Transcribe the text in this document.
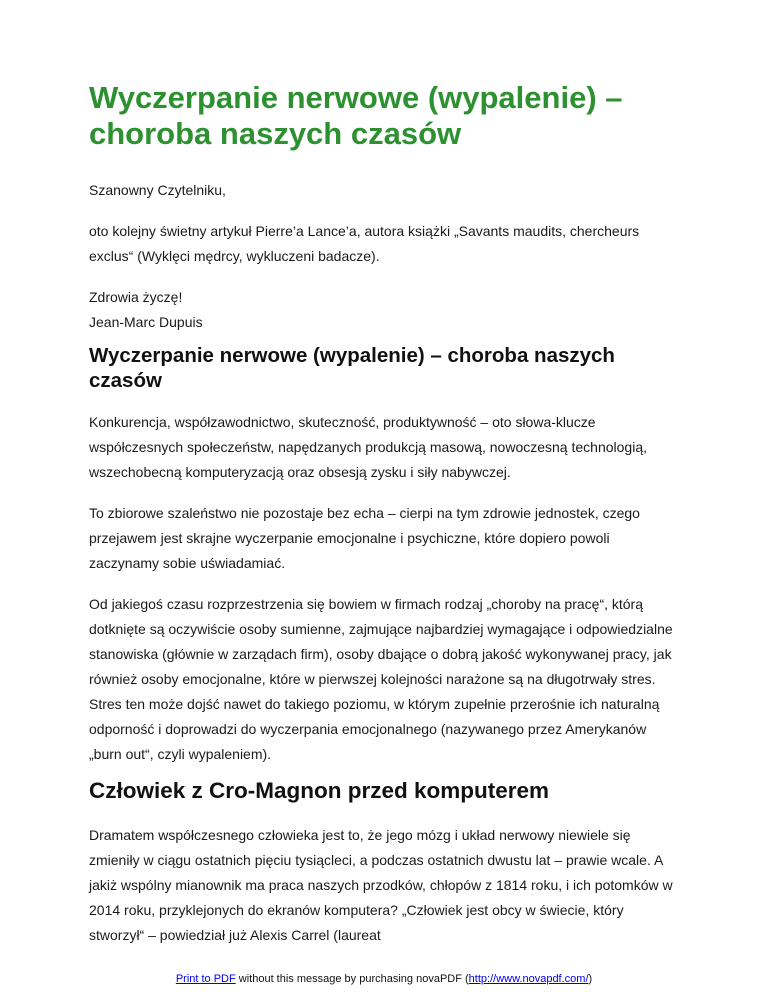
Wyczerpanie nerwowe (wypalenie) – choroba naszych czasów

Szanowny Czytelniku,

oto kolejny świetny artykuł Pierre’a Lance’a, autora książki „Savants maudits, chercheurs exclus“ (Wyklęci mędrcy, wykluczeni badacze).

Zdrowia życzę!

Jean-Marc Dupuis

Wyczerpanie nerwowe (wypalenie) – choroba naszych czasów

Konkurencja, współzawodnictwo, skuteczność, produktywność – oto słowa-klucze współczesnych społeczeństw, napędzanych produkcją masową, nowoczesną technologią, wszechobecną komputeryzacją oraz obsesją zysku i siły nabywczej.

To zbiorowe szaleństwo nie pozostaje bez echa – cierpi na tym zdrowie jednostek, czego przejawem jest skrajne wyczerpanie emocjonalne i psychiczne, które dopiero powoli zaczynamy sobie uświadamiać.

Od jakiegoś czasu rozprzestrzenia się bowiem w firmach rodzaj „choroby na pracę“, którą dotknięte są oczywiście osoby sumienne, zajmujące najbardziej wymagające i odpowiedzialne stanowiska (głównie w zarządach firm), osoby dbające o dobrą jakość wykonywanej pracy, jak również osoby emocjonalne, które w pierwszej kolejności narażone są na długotrwały stres. Stres ten może dojść nawet do takiego poziomu, w którym zupełnie przerośnie ich naturalną odporność i doprowadzi do wyczerpania emocjonalnego (nazywanego przez Amerykanów „burn out“, czyli wypaleniem).

Człowiek z Cro-Magnon przed komputerem

Dramatem współczesnego człowieka jest to, że jego mózg i układ nerwowy niewiele się zmieniły w ciągu ostatnich pięciu tysiącleci, a podczas ostatnich dwustu lat – prawie wcale. A jakiż wspólny mianownik ma praca naszych przodków, chłopów z 1814 roku, i ich potomków w 2014 roku, przyklejonych do ekranów komputera? „Człowiek jest obcy w świecie, który stworzył“ – powiedział już Alexis Carrel (laureat

Print to PDF without this message by purchasing novaPDF (http://www.novapdf.com/)
